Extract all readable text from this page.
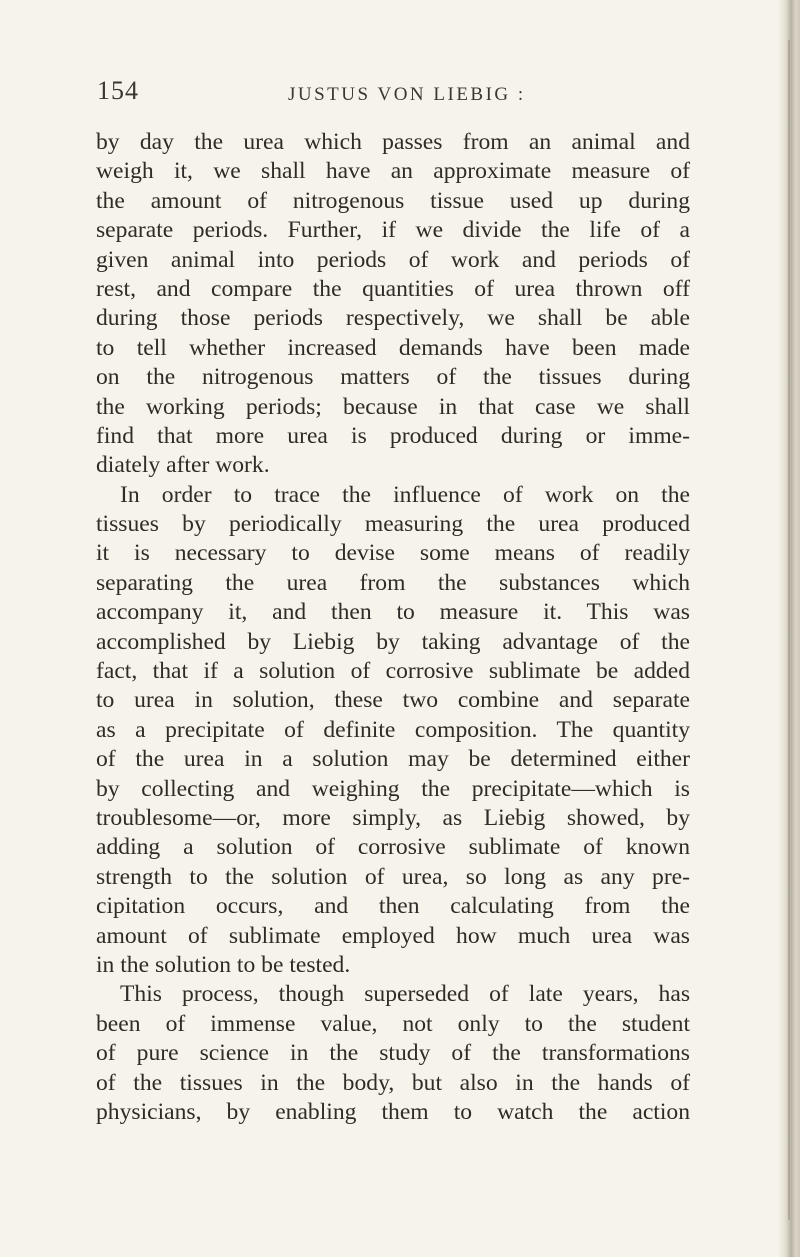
154	JUSTUS VON LIEBIG :
by day the urea which passes from an animal and
weigh it, we shall have an approximate measure of
the amount of nitrogenous tissue used up during
separate periods. Further, if we divide the life of a
given animal into periods of work and periods of
rest, and compare the quantities of urea thrown off
during those periods respectively, we shall be able
to tell whether increased demands have been made
on the nitrogenous matters of the tissues during
the working periods; because in that case we shall
find that more urea is produced during or imme-
diately after work.
In order to trace the influence of work on the
tissues by periodically measuring the urea produced
it is necessary to devise some means of readily
separating the urea from the substances which
accompany it, and then to measure it. This was
accomplished by Liebig by taking advantage of the
fact, that if a solution of corrosive sublimate be added
to urea in solution, these two combine and separate
as a precipitate of definite composition. The quantity
of the urea in a solution may be determined either
by collecting and weighing the precipitate—which is
troublesome—or, more simply, as Liebig showed, by
adding a solution of corrosive sublimate of known
strength to the solution of urea, so long as any pre-
cipitation occurs, and then calculating from the
amount of sublimate employed how much urea was
in the solution to be tested.
This process, though superseded of late years, has
been of immense value, not only to the student
of pure science in the study of the transformations
of the tissues in the body, but also in the hands of
physicians, by enabling them to watch the action
